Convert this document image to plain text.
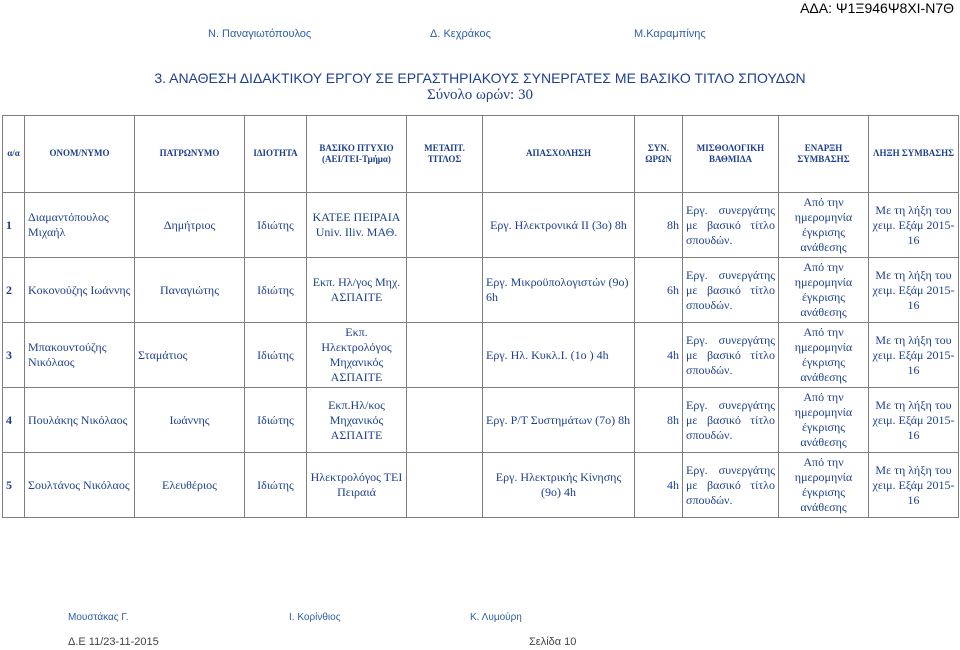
ΑΔΑ: Ψ1Ξ946Ψ8ΧΙ-Ν7Θ
Ν. Παναγιωτόπουλος	Δ. Κεχράκος	Μ.Καραμπίνης
3. ΑΝΑΘΕΣΗ ΔΙΔΑΚΤΙΚΟΥ ΕΡΓΟΥ ΣΕ ΕΡΓΑΣΤΗΡΙΑΚΟΥΣ ΣΥΝΕΡΓΑΤΕΣ ΜΕ ΒΑΣΙΚΟ ΤΙΤΛΟ ΣΠΟΥΔΩΝ
Σύνολο ωρών: 30
α/α	ΟΝΟΜ/ΝΥΜΟ	ΠΑΤΡΩΝΥΜΟ	ΙΔΙΟΤΗΤΑ	ΒΑΣΙΚΟ ΠΤΥΧΙΟ (ΑΕΙ/ΤΕΙ-Τμήμα)	ΜΕΤΑΠΤ. ΤΙΤΛΟΣ	ΑΠΑΣΧΟΛΗΣΗ	ΣΥΝ. ΩΡΩΝ	ΜΙΣΘΟΛΟΓΙΚΗ ΒΑΘΜΙΔΑ	ΕΝΑΡΞΗ ΣΥΜΒΑΣΗΣ	ΛΗΞΗ ΣΥΜΒΑΣΗΣ
1	Διαμαντόπουλος Μιχαήλ	Δημήτριος	Ιδιώτης	ΚΑΤΕΕ ΠΕΙΡΑΙΑ Univ. Iliv. ΜΑΘ.		Εργ. Ηλεκτρονικά ΙΙ (3ο) 8h	8h	Εργ. συνεργάτης με βασικό τίτλο σπουδών.	Από την ημερομηνία έγκρισης ανάθεσης	Με τη λήξη του χειμ. Εξάμ 2015-16
2	Κοκονούζης Ιωάννης	Παναγιώτης	Ιδιώτης	Εκπ. Ηλ/γος Μηχ. ΑΣΠΑΙΤΕ		Εργ. Μικροϋπολογιστών (9ο) 6h	6h	Εργ. συνεργάτης με βασικό τίτλο σπουδών.	Από την ημερομηνία έγκρισης ανάθεσης	Με τη λήξη του χειμ. Εξάμ 2015-16
3	Μπακουντούζης Νικόλαος	Σταμάτιος	Ιδιώτης	Εκπ. Ηλεκτρολόγος Μηχανικός ΑΣΠΑΙΤΕ		Εργ. Ηλ. Κυκλ.Ι. (1ο ) 4h	4h	Εργ. συνεργάτης με βασικό τίτλο σπουδών.	Από την ημερομηνία έγκρισης ανάθεσης	Με τη λήξη του χειμ. Εξάμ 2015-16
4	Πουλάκης Νικόλαος	Ιωάννης	Ιδιώτης	Εκπ.Ηλ/κος Μηχανικός ΑΣΠΑΙΤΕ		Εργ. Ρ/Τ Συστημάτων (7ο) 8h	8h	Εργ. συνεργάτης με βασικό τίτλο σπουδών.	Από την ημερομηνία έγκρισης ανάθεσης	Με τη λήξη του χειμ. Εξάμ 2015-16
5	Σουλτάνος Νικόλαος	Ελευθέριος	Ιδιώτης	Ηλεκτρολόγος ΤΕΙ Πειραιά		Εργ. Ηλεκτρικής Κίνησης (9ο) 4h	4h	Εργ. συνεργάτης με βασικό τίτλο σπουδών.	Από την ημερομηνία έγκρισης ανάθεσης	Με τη λήξη του χειμ. Εξάμ 2015-16
Μουστάκας Γ.	Ι. Κορίνθιος	Κ. Λυμούρη
Δ.Ε 11/23-11-2015	Σελίδα 10
